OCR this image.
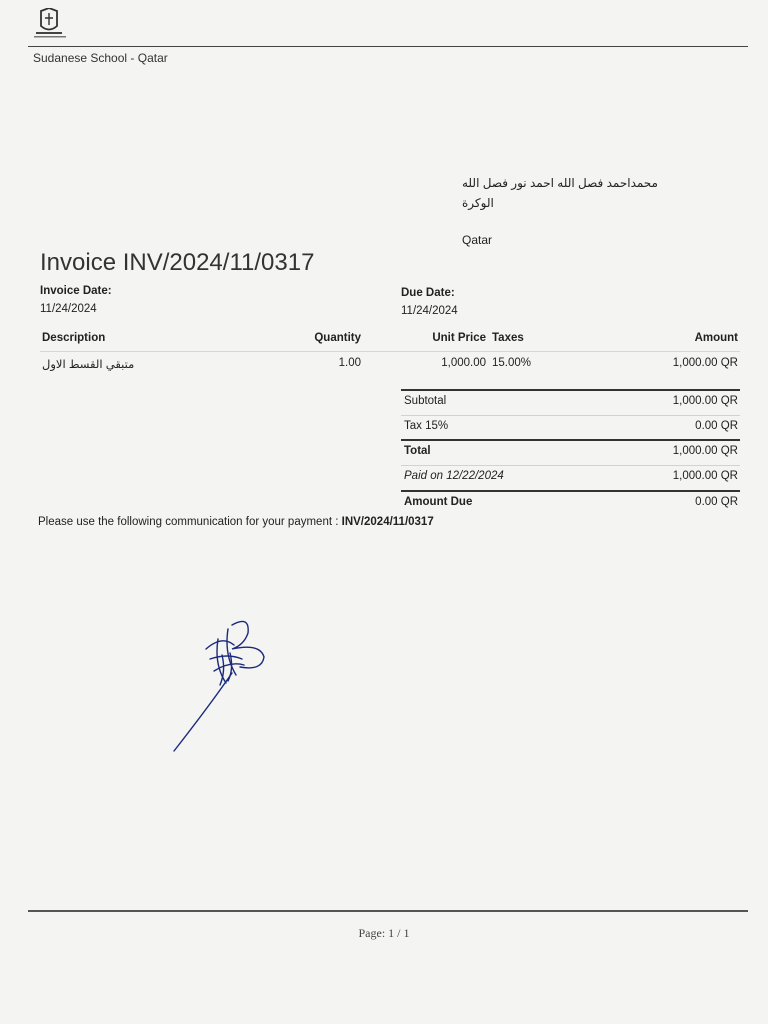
Sudanese School - Qatar
محمداحمد فصل الله احمد نور فصل الله
الوكرة
Qatar
Invoice INV/2024/11/0317
Invoice Date:
11/24/2024
Due Date:
11/24/2024
Description	Quantity	Unit Price Taxes	Amount
متبقي القسط الاول	1.00	1,000.00 15.00%	1,000.00 QR
Subtotal	1,000.00 QR
Tax 15%	0.00 QR
Total	1,000.00 QR
Paid on 12/22/2024	1,000.00 QR
Amount Due	0.00 QR
Please use the following communication for your payment : INV/2024/11/0317
Page: 1 / 1
